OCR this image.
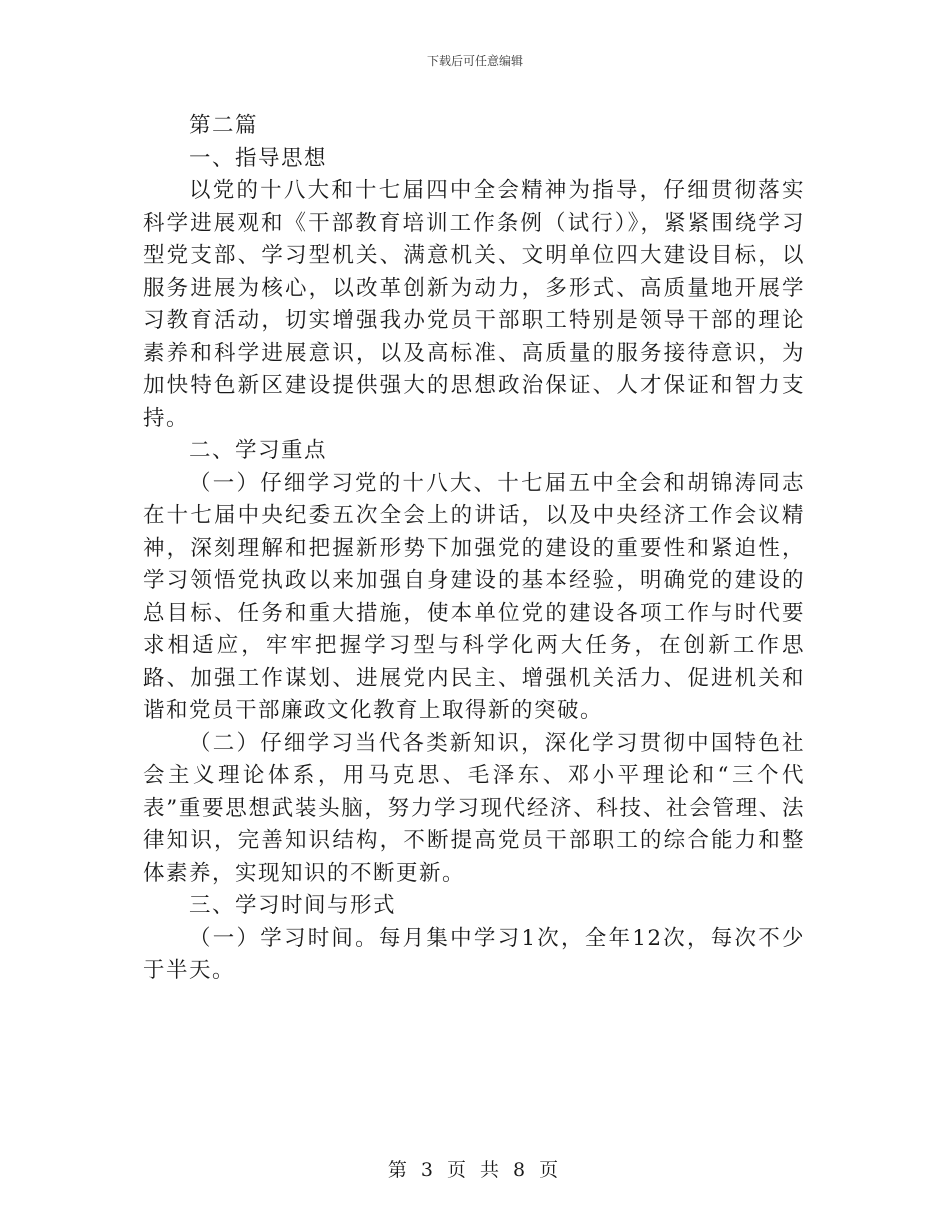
下载后可任意编辑

第二篇

一、指导思想

以党的十八大和十七届四中全会精神为指导，仔细贯彻落实科学进展观和《干部教育培训工作条例（试行）》，紧紧围绕学习型党支部、学习型机关、满意机关、文明单位四大建设目标，以服务进展为核心，以改革创新为动力，多形式、高质量地开展学习教育活动，切实增强我办党员干部职工特别是领导干部的理论素养和科学进展意识，以及高标准、高质量的服务接待意识，为加快特色新区建设提供强大的思想政治保证、人才保证和智力支持。

二、学习重点

（一）仔细学习党的十八大、十七届五中全会和胡锦涛同志在十七届中央纪委五次全会上的讲话，以及中央经济工作会议精神，深刻理解和把握新形势下加强党的建设的重要性和紧迫性，学习领悟党执政以来加强自身建设的基本经验，明确党的建设的总目标、任务和重大措施，使本单位党的建设各项工作与时代要求相适应，牢牢把握学习型与科学化两大任务，在创新工作思路、加强工作谋划、进展党内民主、增强机关活力、促进机关和谐和党员干部廉政文化教育上取得新的突破。

（二）仔细学习当代各类新知识，深化学习贯彻中国特色社会主义理论体系，用马克思、毛泽东、邓小平理论和“三个代表”重要思想武装头脑，努力学习现代经济、科技、社会管理、法律知识，完善知识结构，不断提高党员干部职工的综合能力和整体素养，实现知识的不断更新。

三、学习时间与形式

（一）学习时间。每月集中学习1次，全年12次，每次不少于半天。

第 3 页 共 8 页
